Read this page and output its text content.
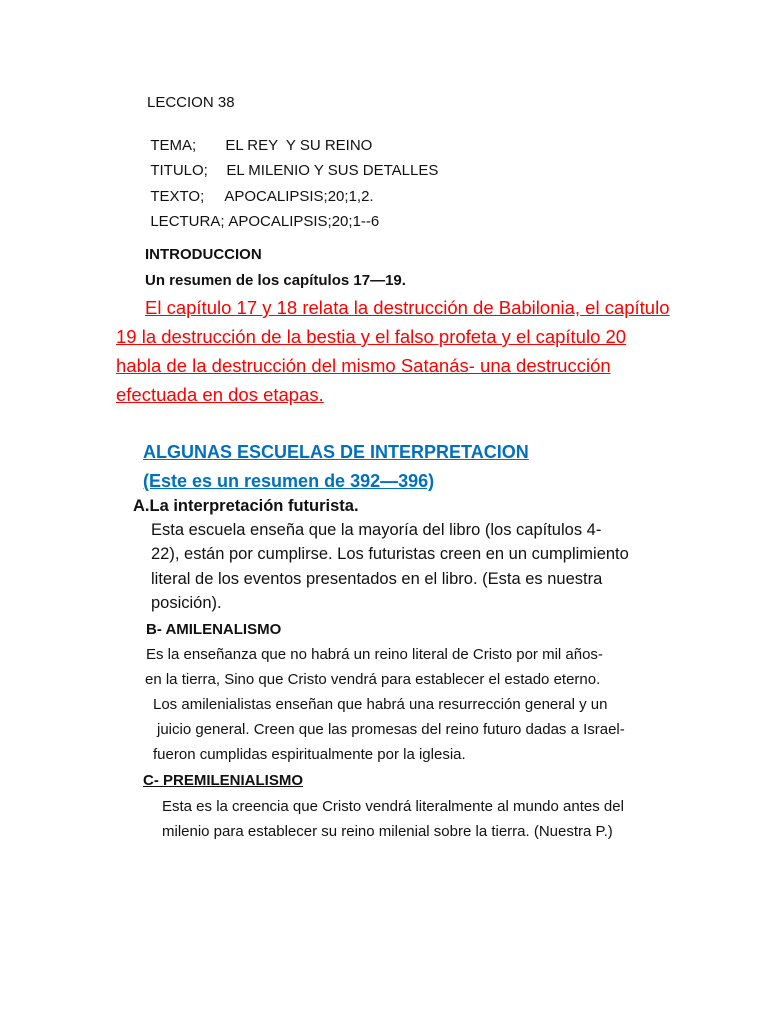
LECCION 38

TEMA; EL REY  Y SU REINO

TITULO; EL MILENIO Y SUS DETALLES

TEXTO; APOCALIPSIS;20;1,2.

LECTURA; APOCALIPSIS;20;1--6

INTRODUCCION
Un resumen de los capítulos 17—19.
El capítulo 17 y 18 relata la destrucción de Babilonia, el capítulo
19 la destrucción de la bestia y el falso profeta y el capítulo 20
habla de la destrucción del mismo Satanás- una destrucción
efectuada en dos etapas.
ALGUNAS ESCUELAS DE INTERPRETACION
(Este es un resumen de 392—396)
A.La interpretación futurista.
Esta escuela enseña que la mayoría del libro (los capítulos 4-
22), están por cumplirse. Los futuristas creen en un cumplimiento
literal de los eventos presentados en el libro. (Esta es nuestra
posición).
B- AMILENALISMO
Es la enseñanza que no habrá un reino literal de Cristo por mil años-
en la tierra, Sino que Cristo vendrá para establecer el estado eterno.
Los amilenialistas enseñan que habrá una resurrección general y un
juicio general. Creen que las promesas del reino futuro dadas a Israel-
fueron cumplidas espiritualmente por la iglesia.
C- PREMILENIALISMO
Esta es la creencia que Cristo vendrá literalmente al mundo antes del
milenio para establecer su reino milenial sobre la tierra. (Nuestra P.)
